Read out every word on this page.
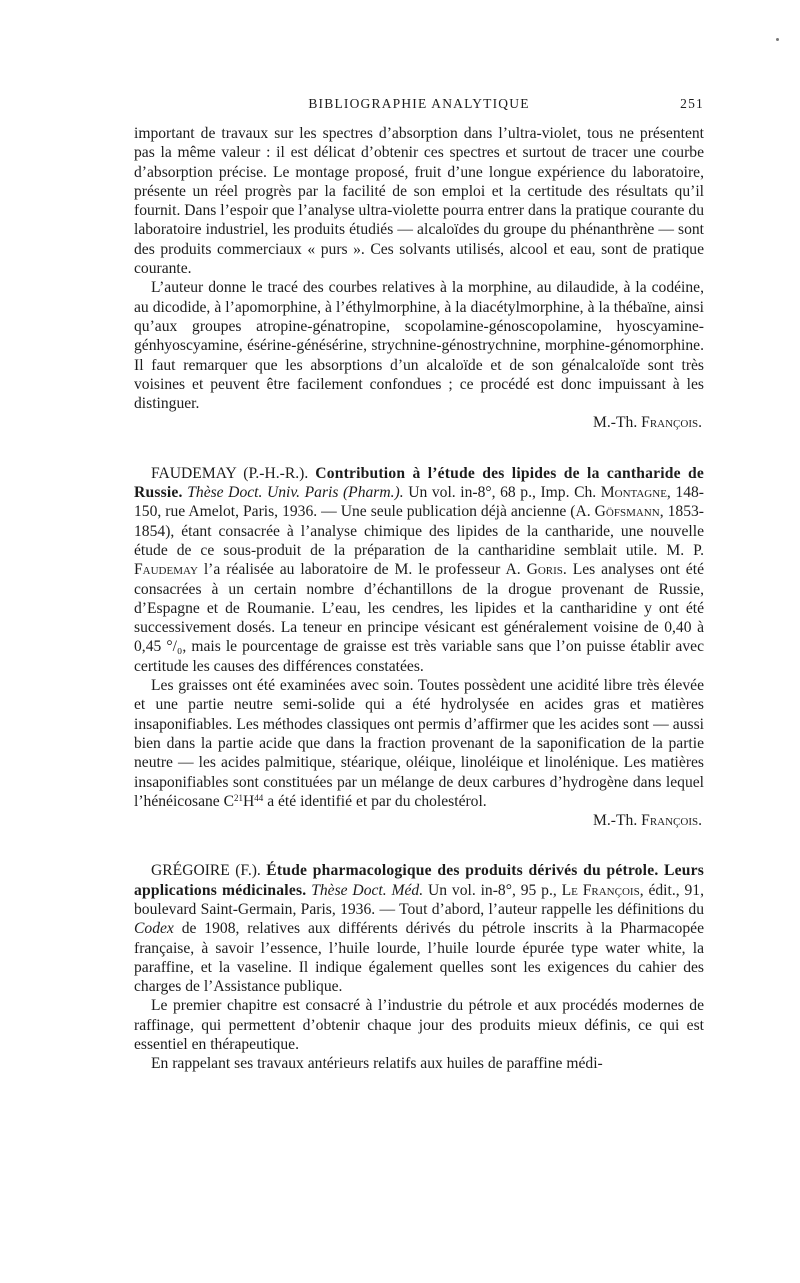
BIBLIOGRAPHIE ANALYTIQUE	251

important de travaux sur les spectres d’absorption dans l’ultra-violet, tous ne présentent pas la même valeur : il est délicat d’obtenir ces spectres et surtout de tracer une courbe d’absorption précise. Le montage proposé, fruit d’une longue expérience du laboratoire, présente un réel progrès par la facilité de son emploi et la certitude des résultats qu’il fournit. Dans l’espoir que l’analyse ultra-violette pourra entrer dans la pratique courante du laboratoire industriel, les produits étudiés — alcaloïdes du groupe du phénanthrène — sont des produits commerciaux « purs ». Ces solvants utilisés, alcool et eau, sont de pratique courante.

L’auteur donne le tracé des courbes relatives à la morphine, au dilaudide, à la codéine, au dicodide, à l’apomorphine, à l’éthylmorphine, à la diacétylmorphine, à la thébaïne, ainsi qu’aux groupes atropine-génatropine, scopolamine-génoscopolamine, hyoscyamine-génhyoscyamine, ésérine-génésérine, strychnine-génostrychnine, morphine-génomorphine. Il faut remarquer que les absorptions d’un alcaloïde et de son génalcaloïde sont très voisines et peuvent être facilement confondues ; ce procédé est donc impuissant à les distinguer.

M.-Th. François.

FAUDEMAY (P.-H.-R.). Contribution à l’étude des lipides de la cantharide de Russie. Thèse Doct. Univ. Paris (Pharm.). Un vol. in-8°, 68 p., Imp. Ch. Montagne, 148-150, rue Amelot, Paris, 1936. — Une seule publication déjà ancienne (A. Göfsmann, 1853-1854), étant consacrée à l’analyse chimique des lipides de la cantharide, une nouvelle étude de ce sous-produit de la préparation de la cantharidine semblait utile. M. P. Faudemay l’a réalisée au laboratoire de M. le professeur A. Goris. Les analyses ont été consacrées à un certain nombre d’échantillons de la drogue provenant de Russie, d’Espagne et de Roumanie. L’eau, les cendres, les lipides et la cantharidine y ont été successivement dosés. La teneur en principe vésicant est généralement voisine de 0,40 à 0,45 °/₀, mais le pourcentage de graisse est très variable sans que l’on puisse établir avec certitude les causes des différences constatées.

Les graisses ont été examinées avec soin. Toutes possèdent une acidité libre très élevée et une partie neutre semi-solide qui a été hydrolysée en acides gras et matières insaponifiables. Les méthodes classiques ont permis d’affirmer que les acides sont — aussi bien dans la partie acide que dans la fraction provenant de la saponification de la partie neutre — les acides palmitique, stéarique, oléique, linoléique et linolénique. Les matières insaponifiables sont constituées par un mélange de deux carbures d’hydrogène dans lequel l’hénéicosane $C^{21}H^{44}$ a été identifié et par du cholestérol.

M.-Th. François.

GRÉGOIRE (F.). Étude pharmacologique des produits dérivés du pétrole. Leurs applications médicinales. Thèse Doct. Méd. Un vol. in-8°, 95 p., Le François, édit., 91, boulevard Saint-Germain, Paris, 1936. — Tout d’abord, l’auteur rappelle les définitions du Codex de 1908, relatives aux différents dérivés du pétrole inscrits à la Pharmacopée française, à savoir l’essence, l’huile lourde, l’huile lourde épurée type water white, la paraffine, et la vaseline. Il indique également quelles sont les exigences du cahier des charges de l’Assistance publique.

Le premier chapitre est consacré à l’industrie du pétrole et aux procédés modernes de raffinage, qui permettent d’obtenir chaque jour des produits mieux définis, ce qui est essentiel en thérapeutique.

En rappelant ses travaux antérieurs relatifs aux huiles de paraffine médi-
